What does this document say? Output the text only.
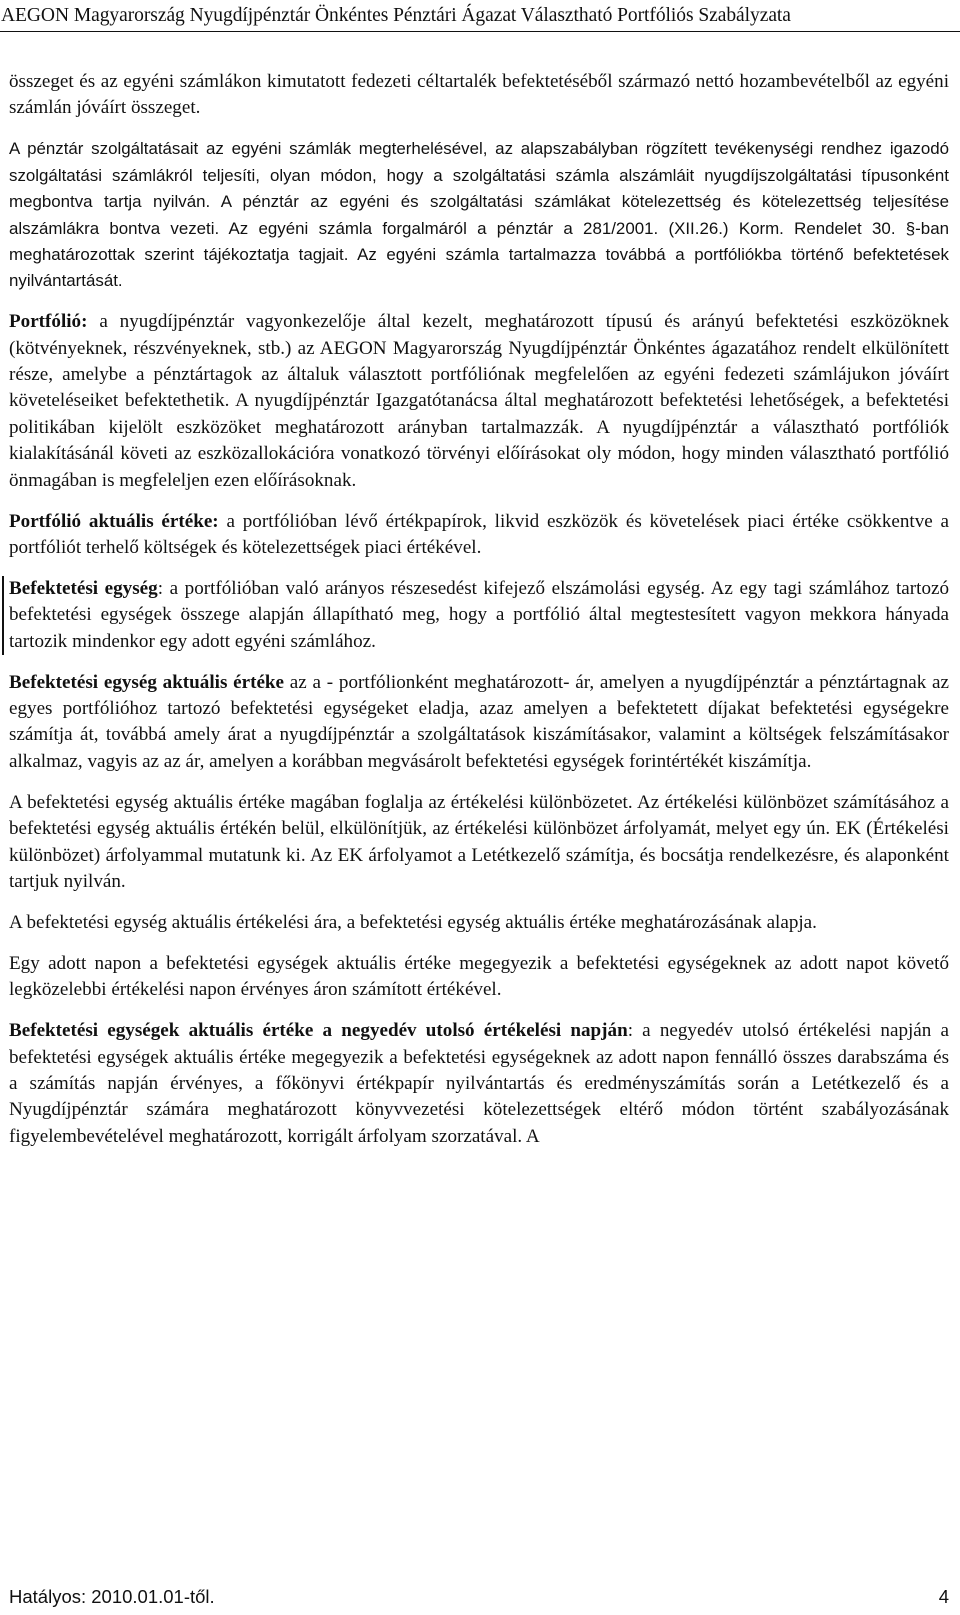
AEGON Magyarország Nyugdíjpénztár Önkéntes Pénztári Ágazat Választható Portfóliós Szabályzata

összeget és az egyéni számlákon kimutatott fedezeti céltartalék befektetéséből származó nettó hozambevételből az egyéni számlán jóváírt összeget.

A pénztár szolgáltatásait az egyéni számlák megterhelésével, az alapszabályban rögzített tevékenységi rendhez igazodó szolgáltatási számlákról teljesíti, olyan módon, hogy a szolgáltatási számla alszámláit nyugdíjszolgáltatási típusonként megbontva tartja nyilván. A pénztár az egyéni és szolgáltatási számlákat kötelezettség és kötelezettség teljesítése alszámlákra bontva vezeti. Az egyéni számla forgalmáról a pénztár a 281/2001. (XII.26.) Korm. Rendelet 30. §-ban meghatározottak szerint tájékoztatja tagjait. Az egyéni számla tartalmazza továbbá a portfóliókba történő befektetések nyilvántartását.

Portfólió: a nyugdíjpénztár vagyonkezelője által kezelt, meghatározott típusú és arányú befektetési eszközöknek (kötvényeknek, részvényeknek, stb.) az AEGON Magyarország Nyugdíjpénztár Önkéntes ágazatához rendelt elkülönített része, amelybe a pénztártagok az általuk választott portfóliónak megfelelően az egyéni fedezeti számlájukon jóváírt követeléseiket befektethetik. A nyugdíjpénztár Igazgatótanácsa által meghatározott befektetési lehetőségek, a befektetési politikában kijelölt eszközöket meghatározott arányban tartalmazzák. A nyugdíjpénztár a választható portfóliók kialakításánál követi az eszközallokációra vonatkozó törvényi előírásokat oly módon, hogy minden választható portfólió önmagában is megfeleljen ezen előírásoknak.

Portfólió aktuális értéke: a portfólióban lévő értékpapírok, likvid eszközök és követelések piaci értéke csökkentve a portfóliót terhelő költségek és kötelezettségek piaci értékével.

Befektetési egység: a portfólióban való arányos részesedést kifejező elszámolási egység. Az egy tagi számlához tartozó befektetési egységek összege alapján állapítható meg, hogy a portfólió által megtestesített vagyon mekkora hányada tartozik mindenkor egy adott egyéni számlához.

Befektetési egység aktuális értéke az a - portfólionként meghatározott- ár, amelyen a nyugdíjpénztár a pénztártagnak az egyes portfólióhoz tartozó befektetési egységeket eladja, azaz amelyen a befektetett díjakat befektetési egységekre számítja át, továbbá amely árat a nyugdíjpénztár a szolgáltatások kiszámításakor, valamint a költségek felszámításakor alkalmaz, vagyis az az ár, amelyen a korábban megvásárolt befektetési egységek forintértékét kiszámítja.

A befektetési egység aktuális értéke magában foglalja az értékelési különbözetet. Az értékelési különbözet számításához a befektetési egység aktuális értékén belül, elkülönítjük, az értékelési különbözet árfolyamát, melyet egy ún. EK (Értékelési különbözet) árfolyammal mutatunk ki. Az EK árfolyamot a Letétkezelő számítja, és bocsátja rendelkezésre, és alaponként tartjuk nyilván.

A befektetési egység aktuális értékelési ára, a befektetési egység aktuális értéke meghatározásának alapja.

Egy adott napon a befektetési egységek aktuális értéke megegyezik a befektetési egységeknek az adott napot követő legközelebbi értékelési napon érvényes áron számított értékével.

Befektetési egységek aktuális értéke a negyedév utolsó értékelési napján: a negyedév utolsó értékelési napján a befektetési egységek aktuális értéke megegyezik a befektetési egységeknek az adott napon fennálló összes darabszáma és a számítás napján érvényes, a főkönyvi értékpapír nyilvántartás és eredményszámítás során a Letétkezelő és a Nyugdíjpénztár számára meghatározott könyvvezetési kötelezettségek eltérő módon történt szabályozásának figyelembevételével meghatározott, korrigált árfolyam szorzatával. A

Hatályos: 2010.01.01-től.	4
